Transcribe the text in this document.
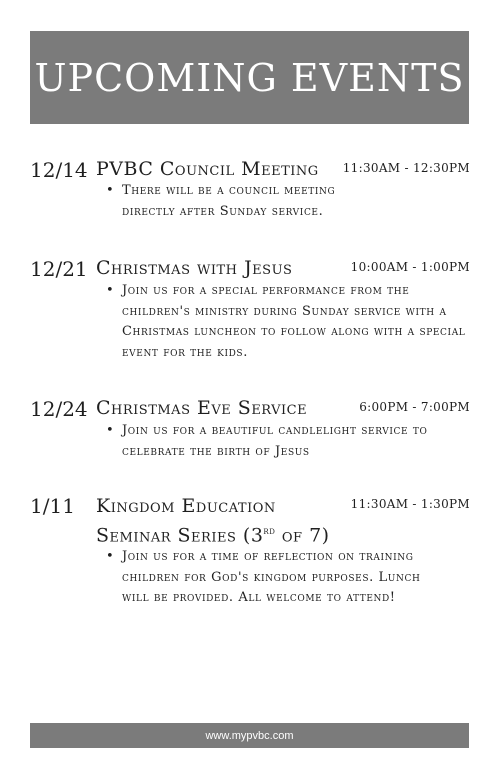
UPCOMING EVENTS
12/14 PVBC Council Meeting 11:30AM - 12:30PM
• There will be a council meeting directly after Sunday service.
12/21 Christmas with Jesus	10:00AM - 1:00PM
• Join us for a special performance from the children's ministry during Sunday service with a Christmas luncheon to follow along with a special event for the kids.
12/24 Christmas Eve Service	6:00PM - 7:00PM
• Join us for a beautiful candlelight service to celebrate the birth of Jesus
1/11 Kingdom Education
Seminar Series (3rd of 7)
11:30AM - 1:30PM
• Join us for a time of reflection on training children for God's kingdom purposes. Lunch will be provided. All welcome to attend!
www.mypvbc.com
